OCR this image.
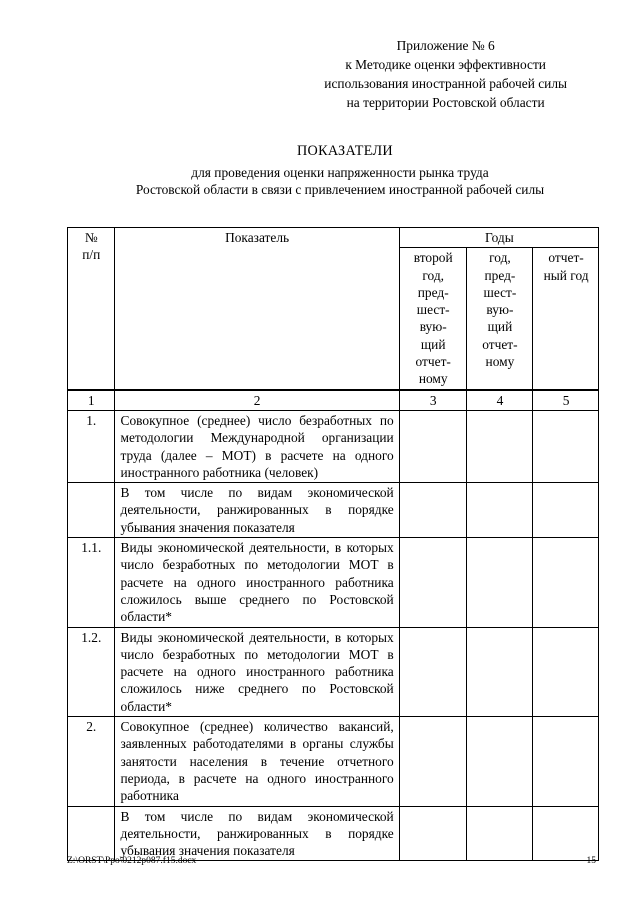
Приложение № 6
к Методике оценки эффективности
использования иностранной рабочей силы
на территории Ростовской области
ПОКАЗАТЕЛИ
для проведения оценки напряженности рынка труда
Ростовской области в связи с привлечением иностранной рабочей силы
№ п/п	Показатель	Годы		

		второй год, пред-шест-вую-щий отчет-ному	год, пред-шест-вую-щий отчет-ному	отчет-ный год

1	2	3	4	5
1.	Совокупное (среднее) число безработных по методологии Международной организации труда (далее – МОТ) в расчете на одного иностранного работника (человек)			
	В том числе по видам экономической деятельности, ранжированных в порядке убывания значения показателя			
1.1.	Виды экономической деятельности, в которых число безработных по методологии МОТ в расчете на одного иностранного работника сложилось выше среднего по Ростовской области*			
1.2.	Виды экономической деятельности, в которых число безработных по методологии МОТ в расчете на одного иностранного работника сложилось ниже среднего по Ростовской области*			
2.	Совокупное (среднее) количество вакансий, заявленных работодателями в органы службы занятости населения в течение отчетного периода, в расчете на одного иностранного работника			
	В том числе по видам экономической деятельности, ранжированных в порядке убывания значения показателя			
Z:\ORST\Ppo\0212p087.f15.docx	15
